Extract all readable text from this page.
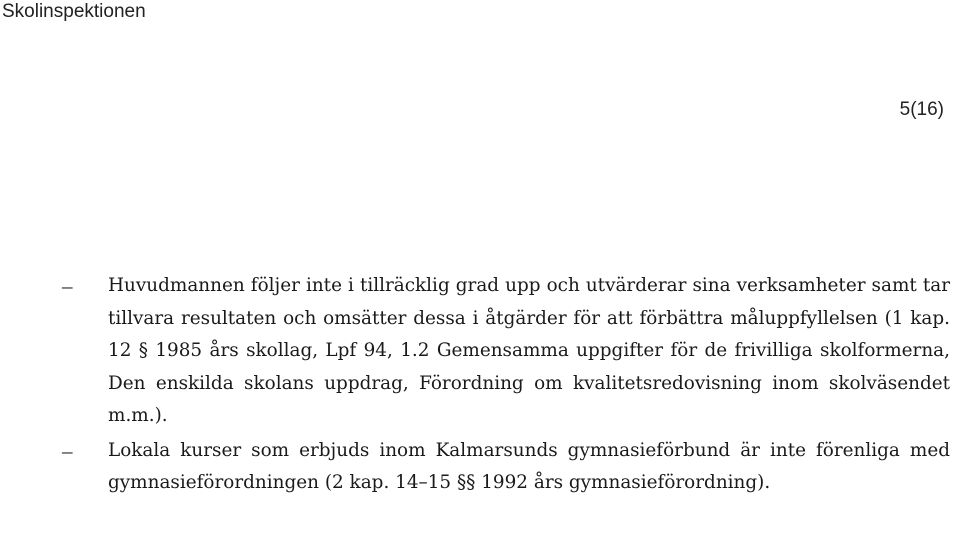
Skolinspektionen
5(16)
–	Huvudmannen följer inte i tillräcklig grad upp och utvärderar sina verksamheter samt tar tillvara resultaten och omsätter dessa i åtgärder för att förbättra måluppfyllelsen (1 kap. 12 § 1985 års skollag, Lpf 94, 1.2 Gemensamma uppgifter för de frivilliga skolformerna, Den enskilda skolans uppdrag, Förordning om kvalitetsredovisning inom skolväsendet m.m.).
–	Lokala kurser som erbjuds inom Kalmarsunds gymnasieförbund är inte förenliga med gymnasieförordningen (2 kap. 14–15 §§ 1992 års gymnasieförordning).
